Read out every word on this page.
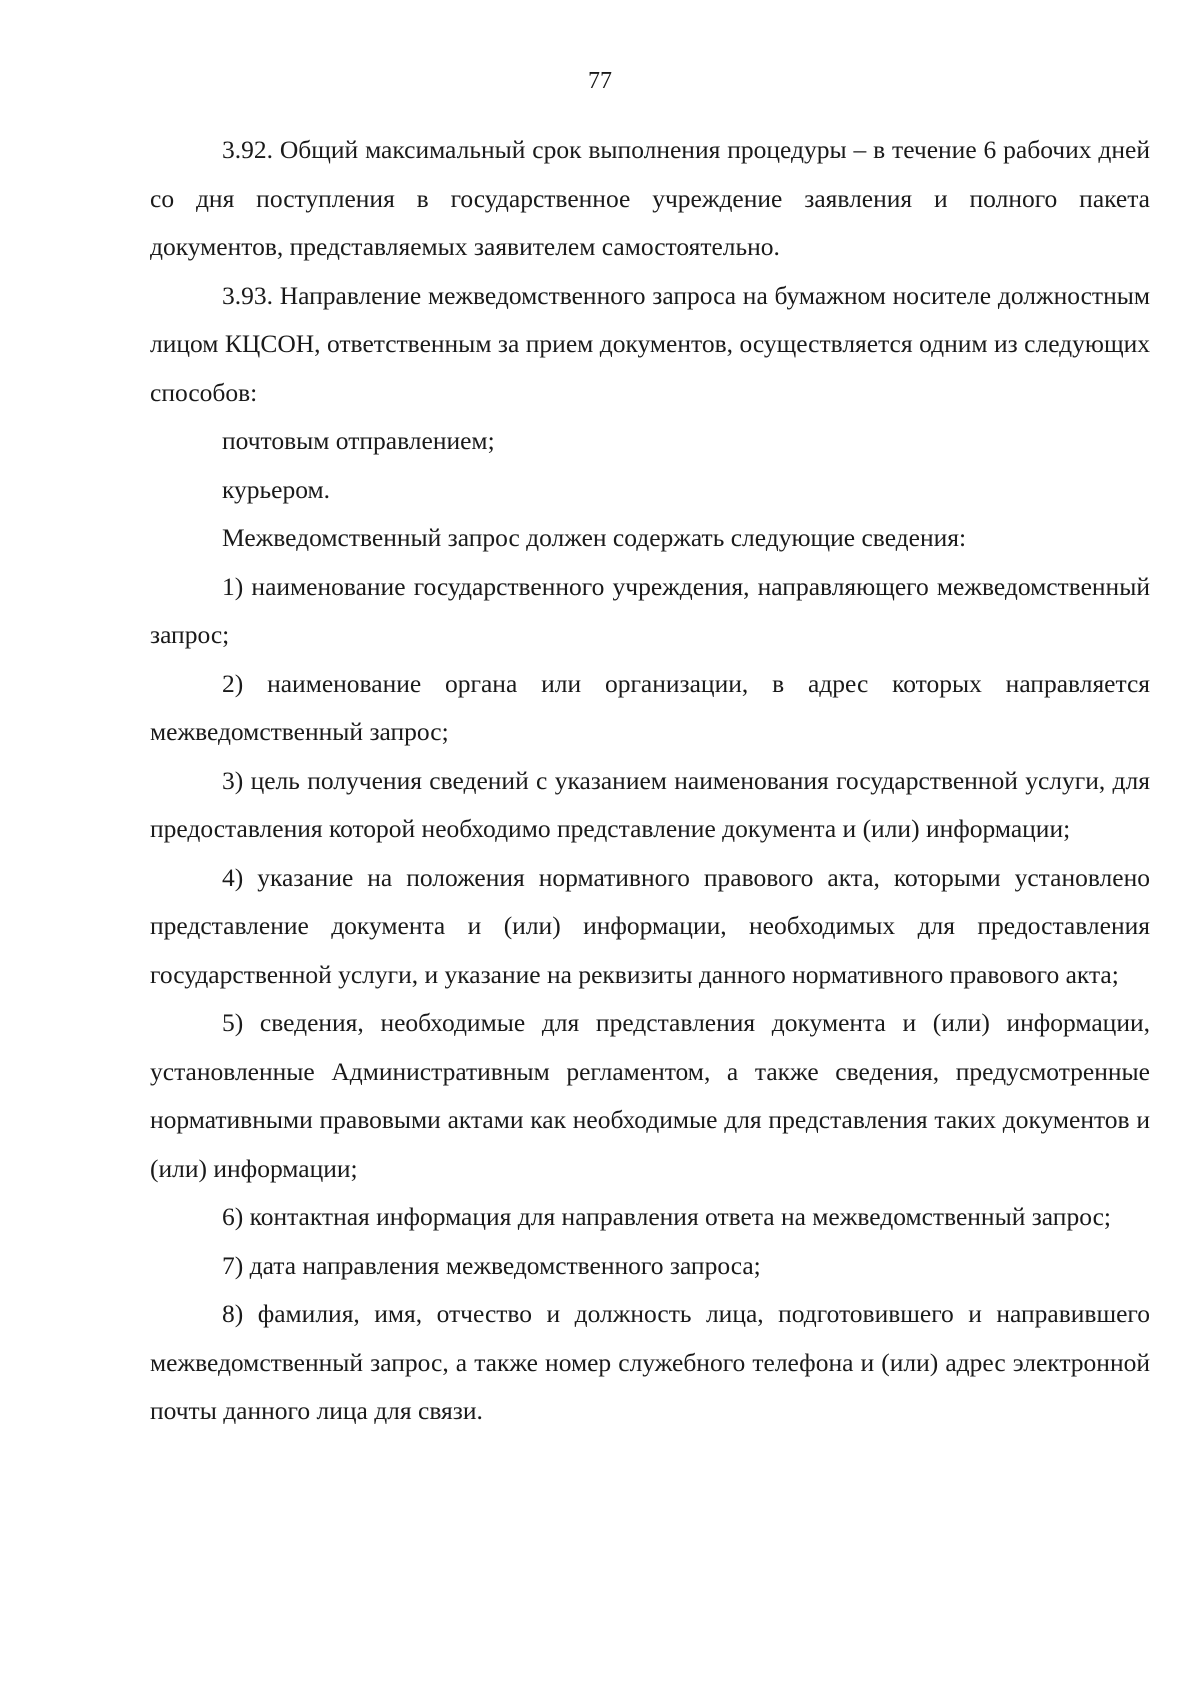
77

3.92. Общий максимальный срок выполнения процедуры – в течение 6 рабочих дней со дня поступления в государственное учреждение заявления и полного пакета документов, представляемых заявителем самостоятельно.

3.93. Направление межведомственного запроса на бумажном носителе должностным лицом КЦСОН, ответственным за прием документов, осуществляется одним из следующих способов:

почтовым отправлением;

курьером.

Межведомственный запрос должен содержать следующие сведения:

1) наименование государственного учреждения, направляющего межведомственный запрос;

2) наименование органа или организации, в адрес которых направляется межведомственный запрос;

3) цель получения сведений с указанием наименования государственной услуги, для предоставления которой необходимо представление документа и (или) информации;

4) указание на положения нормативного правового акта, которыми установлено представление документа и (или) информации, необходимых для предоставления государственной услуги, и указание на реквизиты данного нормативного правового акта;

5) сведения, необходимые для представления документа и (или) информации, установленные Административным регламентом, а также сведения, предусмотренные нормативными правовыми актами как необходимые для представления таких документов и (или) информации;

6) контактная информация для направления ответа на межведомственный запрос;

7) дата направления межведомственного запроса;

8) фамилия, имя, отчество и должность лица, подготовившего и направившего межведомственный запрос, а также номер служебного телефона и (или) адрес электронной почты данного лица для связи.
